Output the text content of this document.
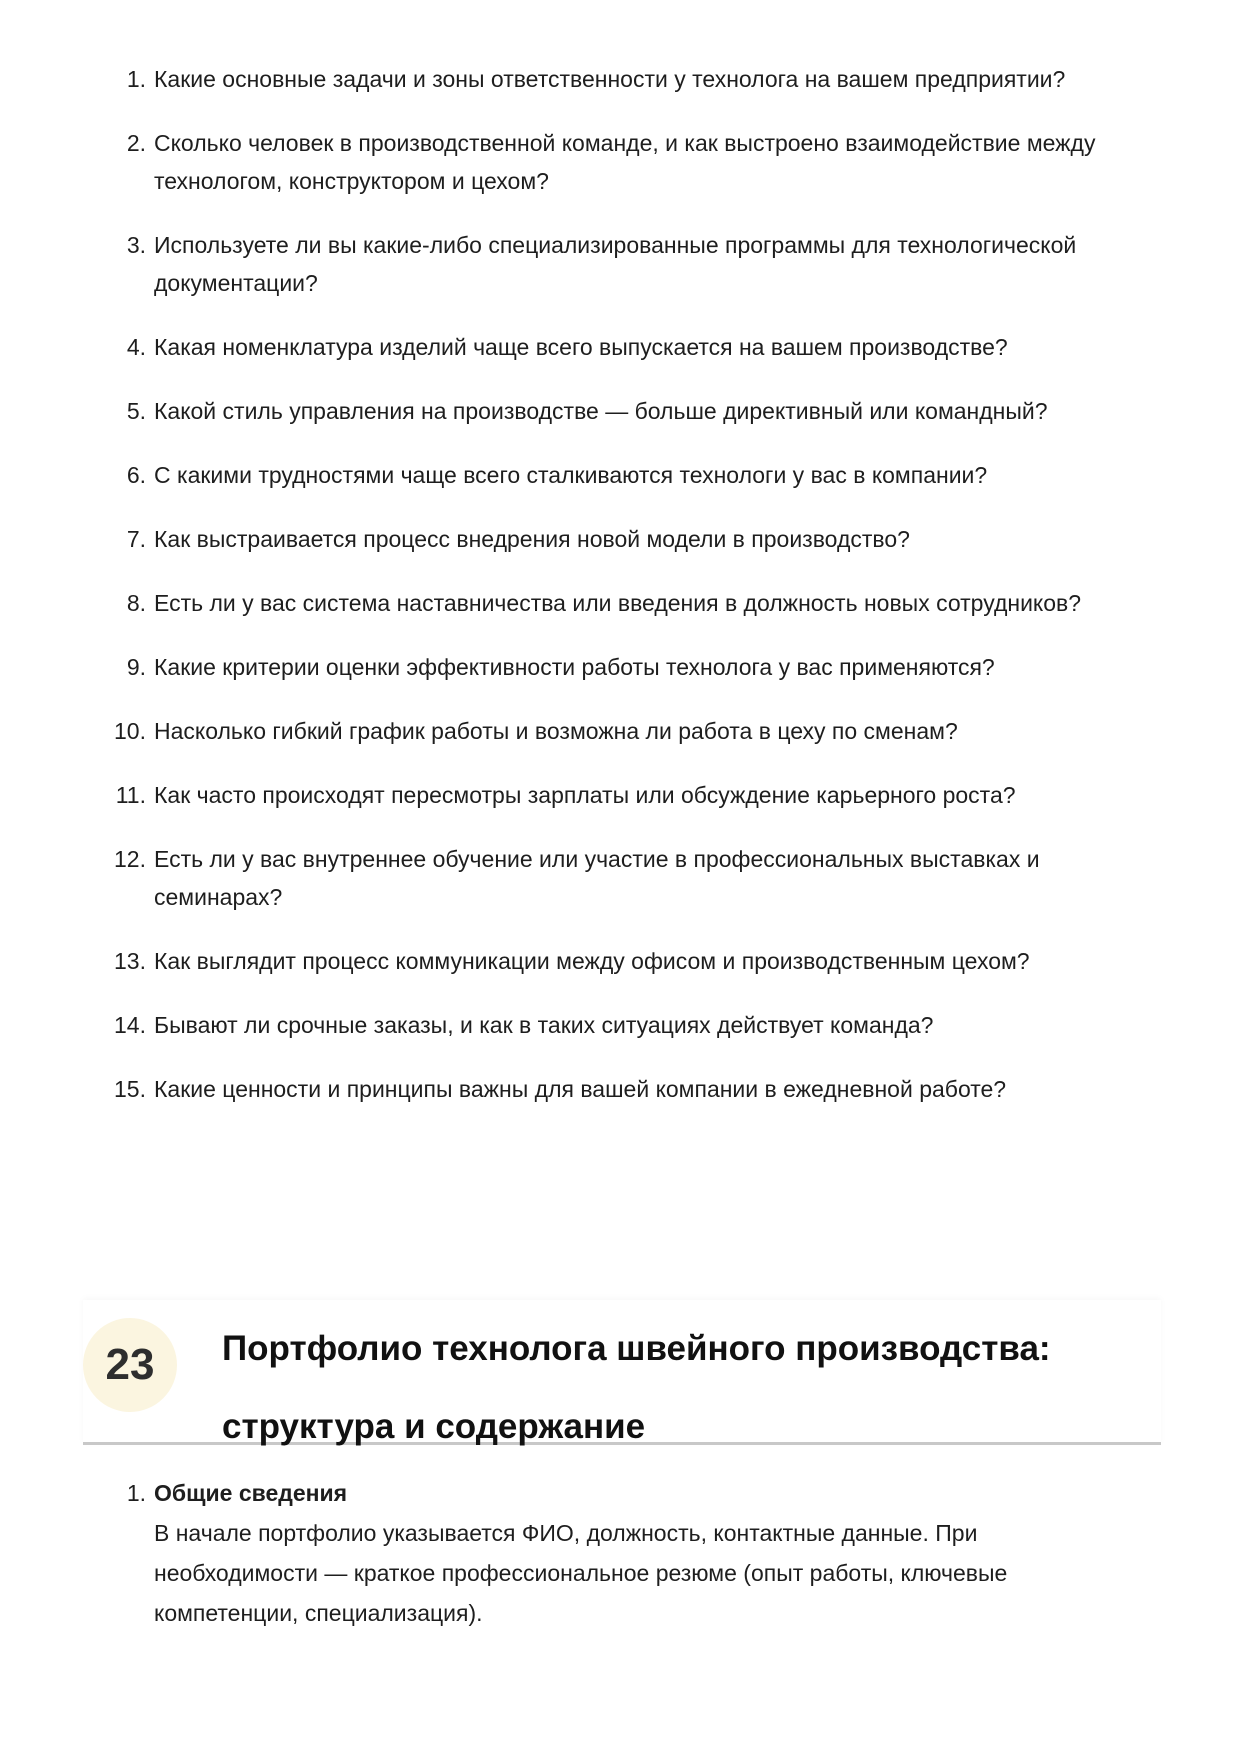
1. Какие основные задачи и зоны ответственности у технолога на вашем предприятии?
2. Сколько человек в производственной команде, и как выстроено взаимодействие между технологом, конструктором и цехом?
3. Используете ли вы какие-либо специализированные программы для технологической документации?
4. Какая номенклатура изделий чаще всего выпускается на вашем производстве?
5. Какой стиль управления на производстве — больше директивный или командный?
6. С какими трудностями чаще всего сталкиваются технологи у вас в компании?
7. Как выстраивается процесс внедрения новой модели в производство?
8. Есть ли у вас система наставничества или введения в должность новых сотрудников?
9. Какие критерии оценки эффективности работы технолога у вас применяются?
10. Насколько гибкий график работы и возможна ли работа в цеху по сменам?
11. Как часто происходят пересмотры зарплаты или обсуждение карьерного роста?
12. Есть ли у вас внутреннее обучение или участие в профессиональных выставках и семинарах?
13. Как выглядит процесс коммуникации между офисом и производственным цехом?
14. Бывают ли срочные заказы, и как в таких ситуациях действует команда?
15. Какие ценности и принципы важны для вашей компании в ежедневной работе?
23	Портфолио технолога швейного производства: структура и содержание
1. Общие сведения
В начале портфолио указывается ФИО, должность, контактные данные. При необходимости — краткое профессиональное резюме (опыт работы, ключевые компетенции, специализация).
